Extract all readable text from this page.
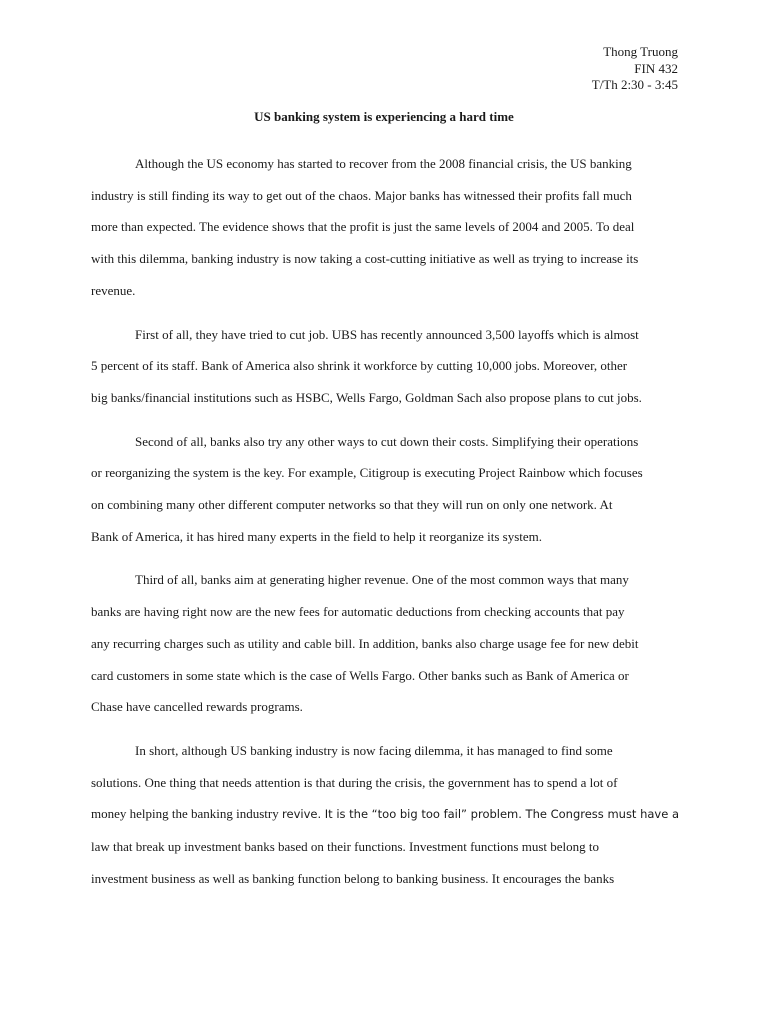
Thong Truong
FIN 432
T/Th 2:30 - 3:45
US banking system is experiencing a hard time
Although the US economy has started to recover from the 2008 financial crisis, the US banking
industry is still finding its way to get out of the chaos. Major banks has witnessed their profits fall much
more than expected. The evidence shows that the profit is just the same levels of 2004 and 2005. To deal
with this dilemma, banking industry is now taking a cost-cutting initiative as well as trying to increase its
revenue.
First of all, they have tried to cut job. UBS has recently announced 3,500 layoffs which is almost
5 percent of its staff. Bank of America also shrink it workforce by cutting 10,000 jobs. Moreover, other
big banks/financial institutions such as HSBC, Wells Fargo, Goldman Sach also propose plans to cut jobs.
Second of all, banks also try any other ways to cut down their costs. Simplifying their operations
or reorganizing the system is the key. For example, Citigroup is executing Project Rainbow which focuses
on combining many other different computer networks so that they will run on only one network. At
Bank of America, it has hired many experts in the field to help it reorganize its system.
Third of all, banks aim at generating higher revenue. One of the most common ways that many
banks are having right now are the new fees for automatic deductions from checking accounts that pay
any recurring charges such as utility and cable bill. In addition, banks also charge usage fee for new debit
card customers in some state which is the case of Wells Fargo. Other banks such as Bank of America or
Chase have cancelled rewards programs.
In short, although US banking industry is now facing dilemma, it has managed to find some
solutions. One thing that needs attention is that during the crisis, the government has to spend a lot of
money helping the banking industry revive. It is the “too big too fail” problem. The Congress must have a
law that break up investment banks based on their functions. Investment functions must belong to
investment business as well as banking function belong to banking business. It encourages the banks
